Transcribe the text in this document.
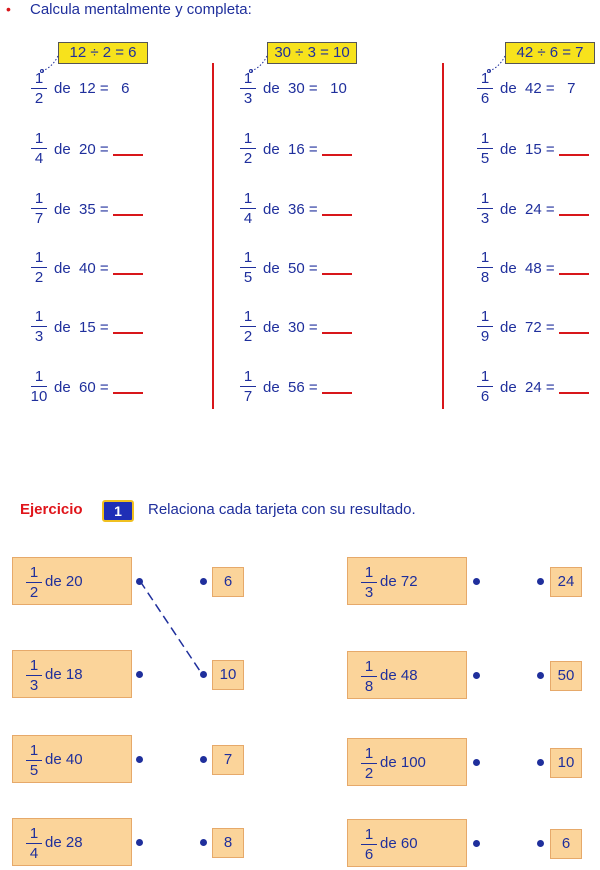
• Calcula mentalmente y completa:
12 ÷ 2 = 6	30 ÷ 3 = 10	42 ÷ 6 = 7
1
2
de 12 = 6
1
4
de 20 =
1
7
de 35 =
1
2
de 40 =
1
3
de 15 =
1
10
de 60 =
1
3
de 30 = 10
1
2
de 16 =
1
4
de 36 =
1
5
de 50 =
1
2
de 30 =
1
7
de 56 =
1
6
de 42 = 7
1
5
de 15 =
1
3
de 24 =
1
8
de 48 =
1
9
de 72 =
1
6
de 24 =
Ejercicio	1	Relaciona cada tarjeta con su resultado.
1
2
de 20	6
1
3
de 18	10
1
5
de 40	7
1
4
de 28	8
1
3
de 72	24
1
8
de 48	50
1
2
de 100	10
1
6
de 60	6
